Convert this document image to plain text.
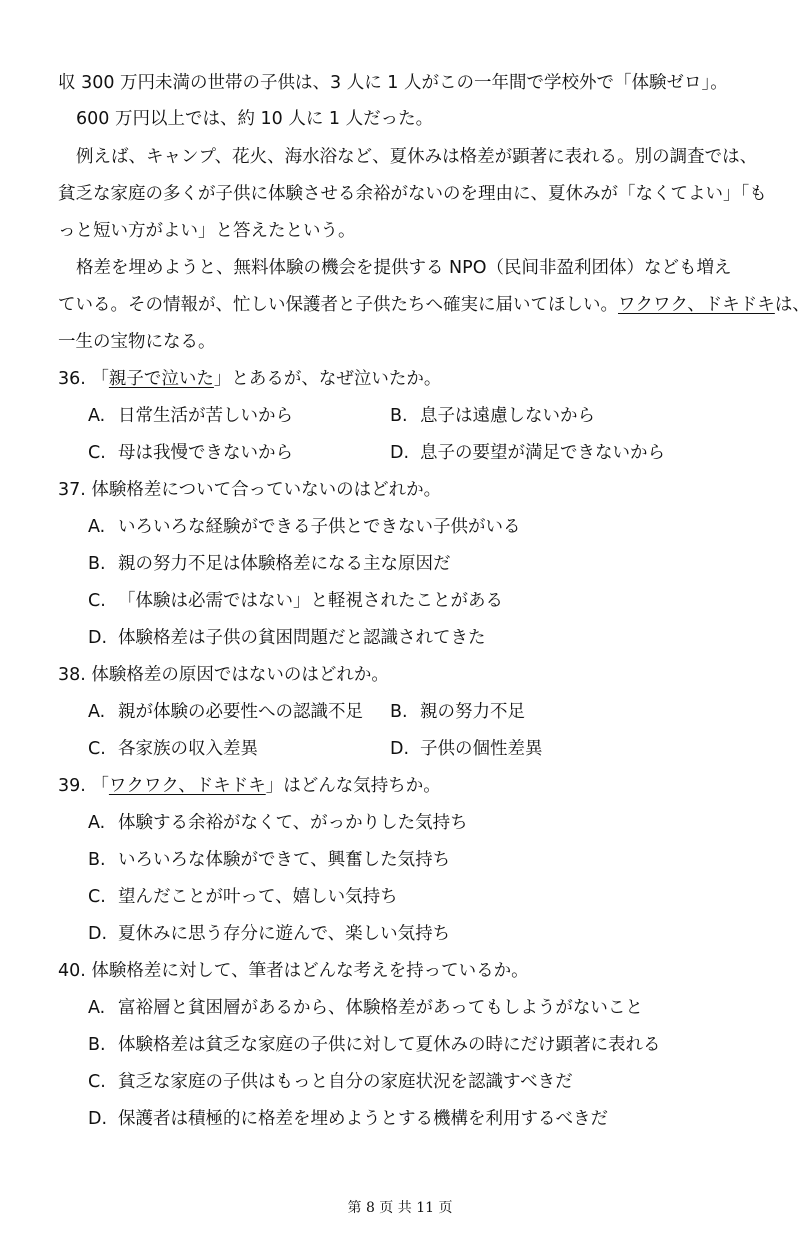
収 300 万円未満の世帯の子供は、3 人に 1 人がこの一年間で学校外で「体験ゼロ」。
600 万円以上では、約 10 人に 1 人だった。
例えば、キャンプ、花火、海水浴など、夏休みは格差が顕著に表れる。別の調査では、
貧乏な家庭の多くが子供に体験させる余裕がないのを理由に、夏休みが「なくてよい」「も
っと短い方がよい」と答えたという。
格差を埋めようと、無料体験の機会を提供する NPO（民间非盈利团体）なども増え
ている。その情報が、忙しい保護者と子供たちへ確実に届いてほしい。ワクワク、ドキドキは、
一生の宝物になる。
36. 「親子で泣いた」とあるが、なぜ泣いたか。
A. 日常生活が苦しいから	B. 息子は遠慮しないから
C. 母は我慢できないから	D. 息子の要望が満足できないから
37. 体験格差について合っていないのはどれか。
A. いろいろな経験ができる子供とできない子供がいる
B. 親の努力不足は体験格差になる主な原因だ
C. 「体験は必需ではない」と軽視されたことがある
D. 体験格差は子供の貧困問題だと認識されてきた
38. 体験格差の原因ではないのはどれか。
A. 親が体験の必要性への認識不足 B. 親の努力不足
C. 各家族の収入差異	D. 子供の個性差異
39. 「ワクワク、ドキドキ」はどんな気持ちか。
A. 体験する余裕がなくて、がっかりした気持ち
B. いろいろな体験ができて、興奮した気持ち
C. 望んだことが叶って、嬉しい気持ち
D. 夏休みに思う存分に遊んで、楽しい気持ち
40. 体験格差に対して、筆者はどんな考えを持っているか。
A. 富裕層と貧困層があるから、体験格差があってもしようがないこと
B. 体験格差は貧乏な家庭の子供に対して夏休みの時にだけ顕著に表れる
C. 貧乏な家庭の子供はもっと自分の家庭状況を認識すべきだ
D. 保護者は積極的に格差を埋めようとする機構を利用するべきだ
第 8 页 共 11 页
